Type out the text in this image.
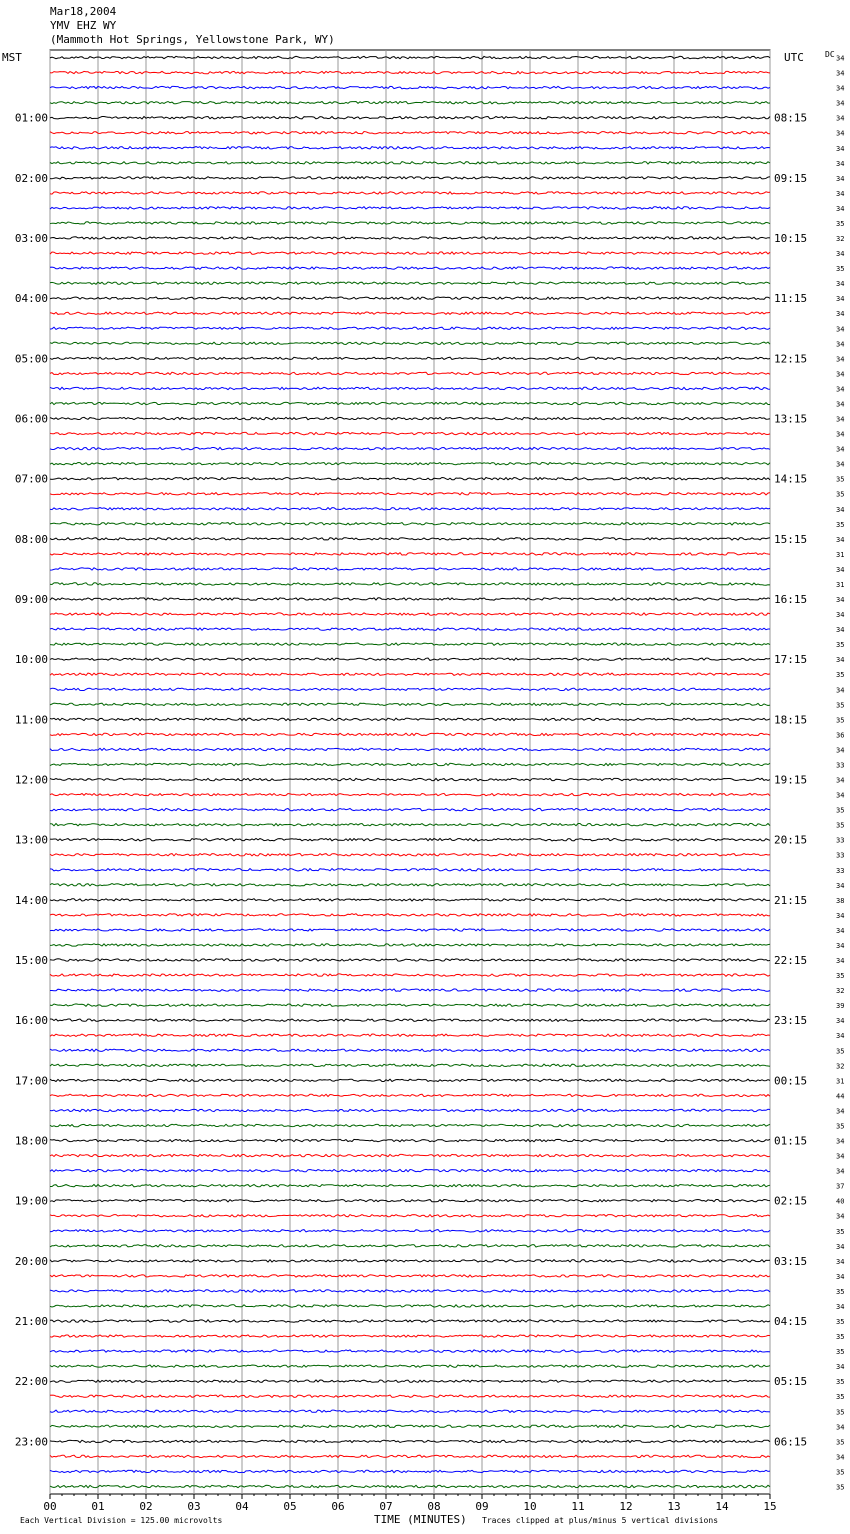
Mar18,2004
YMV EHZ WY
(Mammoth Hot Springs, Yellowstone Park, WY)
00	01	02	03	04	05	06	07	08	09	10	11	12	13	14	15
01:00	08:15
02:00	09:15
03:00	10:15
04:00	11:15
05:00	12:15
06:00	13:15
07:00	14:15
08:00	15:15
09:00	16:15
10:00	17:15
11:00	18:15
12:00	19:15
13:00	20:15
14:00	21:15
15:00	22:15
16:00	23:15
17:00	00:15
18:00	01:15
19:00	02:15
20:00	03:15
21:00	04:15
22:00	05:15
23:00	06:15
34
34
34
34
34
34
34
34
34
34
34
35
32
34
35
34
34
34
34
34
34
34
34
34
34
34
34
34
35
35
34
35
34
31
34
31
34
34
34
35
34
35
34
35
35
36
34
33
34
34
35
35
33
33
33
34
38
34
34
34
34
35
32
39
34
34
35
32
31
44
34
35
34
34
34
37
40
34
35
34
34
34
35
34
35
35
35
34
35
35
35
34
35
34
35
35
MST	UTC	DC
TIME (MINUTES)
Each Vertical Division = 125.00 microvolts	Traces clipped at plus/minus 5 vertical divisions
